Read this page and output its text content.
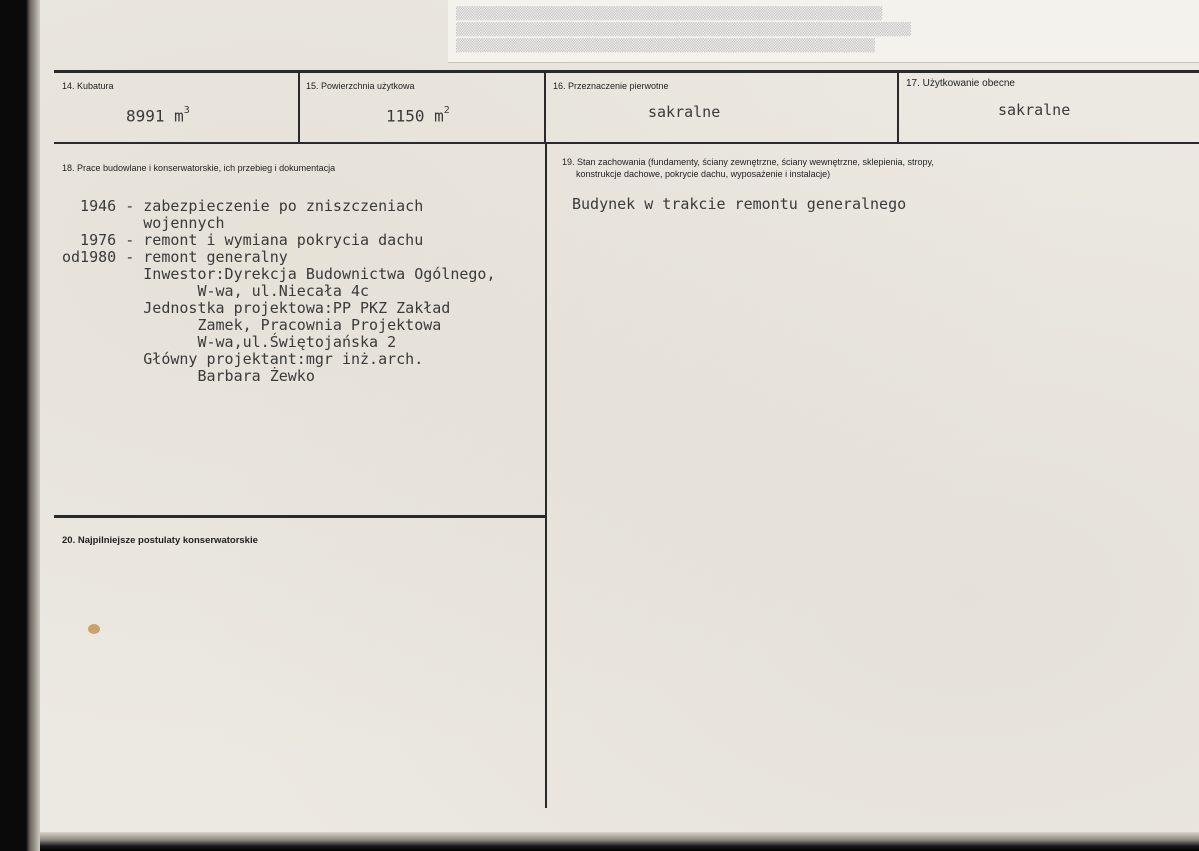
▒▒▒▒▒▒▒▒▒▒▒▒▒▒▒▒▒▒▒▒▒▒▒▒▒▒▒▒▒▒▒▒▒▒▒▒▒▒▒▒▒▒▒▒▒▒▒▒▒▒▒▒▒▒▒▒▒▒▒
▒▒▒▒▒▒▒▒▒▒▒▒▒▒▒▒▒▒▒▒▒▒▒▒▒▒▒▒▒▒▒▒▒▒▒▒▒▒▒▒▒▒▒▒▒▒▒▒▒▒▒▒▒▒▒▒▒▒▒▒▒▒▒
▒▒▒▒▒▒▒▒▒▒▒▒▒▒▒▒▒▒▒▒▒▒▒▒▒▒▒▒▒▒▒▒▒▒▒▒▒▒▒▒▒▒▒▒▒▒▒▒▒▒▒▒▒▒▒▒▒▒
14. Kubatura
8991 $m^3$
15. Powierzchnia użytkowa
1150 $m^2$
16. Przeznaczenie pierwotne
sakralne
17. Użytkowanie obecne
sakralne
18. Prace budowlane i konserwatorskie, ich przebieg i dokumentacja
1946 - zabezpieczenie po zniszczeniach
wojennych
1976 - remont i wymiana pokrycia dachu
od1980 - remont generalny
Inwestor:Dyrekcja Budownictwa Ogólnego,
W-wa, ul.Niecała 4c
Jednostka projektowa:PP PKZ Zakład
Zamek, Pracownia Projektowa
W-wa,ul.Świętojańska 2
Główny projektant:mgr inż.arch.
Barbara Żewko
19. Stan zachowania (fundamenty, ściany zewnętrzne, ściany wewnętrzne, sklepienia, stropy,
konstrukcje dachowe, pokrycie dachu, wyposażenie i instalacje)
Budynek w trakcie remontu generalnego
20. Najpilniejsze postulaty konserwatorskie
